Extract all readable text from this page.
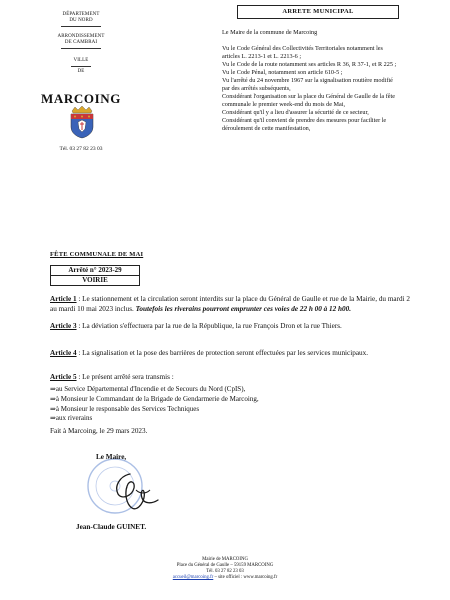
DÉPARTEMENT
DU NORD
ARRONDISSEMENT
DE CAMBRAI
VILLE
DE
MARCOING
Tél. 03 27 82 23 03
ARRETE MUNICIPAL

Le Maire de la commune de Marcoing

Vu le Code Général des Collectivités Territoriales notamment les articles L. 2213-1 et L. 2213-6 ;

Vu le Code de la route notamment ses articles R 36, R 37-1, et R 225 ;

Vu le Code Pénal, notamment son article 610-5 ;

Vu l'arrêté du 24 novembre 1967 sur la signalisation routière modifié par des arrêtés subséquents,

Considérant l'organisation sur la place du Général de Gaulle de la fête communale le premier week-end du mois de Mai,

Considérant qu'il y a lieu d'assurer la sécurité de ce secteur,

Considérant qu'il convient de prendre des mesures pour faciliter le déroulement de cette manifestation,

FÊTE COMMUNALE DE MAI
Arrêté n° 2023-29
VOIRIE

Article 1 : Le stationnement et la circulation seront interdits sur la place du Général de Gaulle et rue de la Mairie, du mardi 2 au mardi 10 mai 2023 inclus. Toutefois les riverains pourront emprunter ces voies de 22 h 00 à 12 h00.

Article 3 : La déviation s'effectuera par la rue de la République, la rue François Dron et la rue Thiers.

Article 4 : La signalisation et la pose des barrières de protection seront effectuées par les services municipaux.

Article 5 : Le présent arrêté sera transmis :

⇒au Service Départemental d'Incendie et de Secours du Nord (CpIS),
⇒à Monsieur le Commandant de la Brigade de Gendarmerie de Marcoing,
⇒à Monsieur le responsable des Services Techniques
⇒aux riverains
Fait à Marcoing, le 29 mars 2023.
Le Maire,
Jean-Claude GUINET.
Mairie de MARCOING
Place du Général de Gaulle – 59159 MARCOING
Tél. 03 27 82 23 03
accueil@marcoing.fr – site officiel : www.marcoing.fr
